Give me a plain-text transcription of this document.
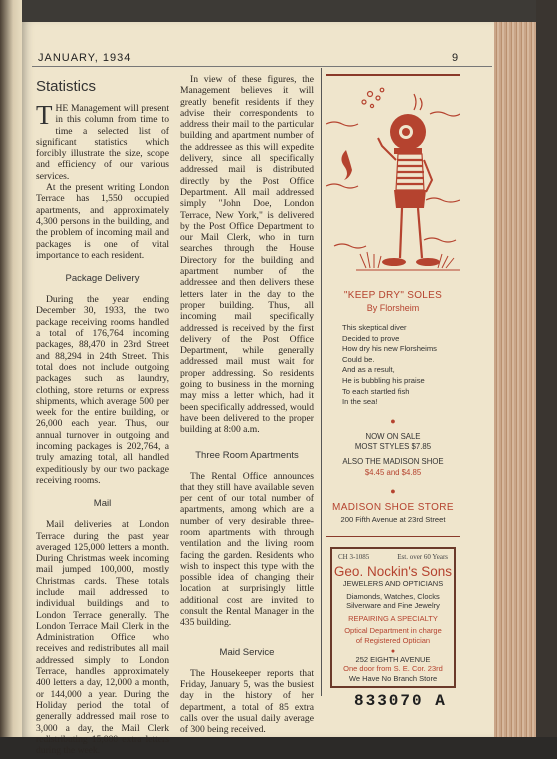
JANUARY, 1934	9
Statistics

THE Management will present in this column from time to time a selected list of significant statistics which forcibly illustrate the size, scope and efficiency of our various services.

At the present writing London Terrace has 1,550 occupied apartments, and approximately 4,300 persons in the building, and the problem of incoming mail and packages is one of vital importance to each resident.

Package Delivery

During the year ending December 30, 1933, the two package receiving rooms handled a total of 176,764 incoming packages, 88,470 in 23rd Street and 88,294 in 24th Street. This total does not include outgoing packages such as laundry, clothing, store returns or express shipments, which average 500 per week for the entire building, or 26,000 each year. Thus, our annual turnover in outgoing and incoming packages is 202,764, a truly amazing total, all handled expeditiously by our two package receiving rooms.

Mail

Mail deliveries at London Terrace during the past year averaged 125,000 letters a month. During Christmas week incoming mail jumped 100,000, mostly Christmas cards. These totals include mail addressed to individual buildings and to London Terrace generally. The London Terrace Mail Clerk in the Administration Office who receives and redistributes all mail addressed simply to London Terrace, handles approximately 400 letters a day, 12,000 a month, or 144,000 a year. During the Holiday period the total of generally addressed mail rose to 3,000 a day, the Mail Clerk redistributing 15,000 extra letters during the week.

In view of these figures, the Management believes it will greatly benefit residents if they advise their correspondents to address their mail to the particular building and apartment number of the addressee as this will expedite delivery, since all specifically addressed mail is distributed directly by the Post Office Department. All mail addressed simply "John Doe, London Terrace, New York," is delivered by the Post Office Department to our Mail Clerk, who in turn searches through the House Directory for the building and apartment number of the addressee and then delivers these letters later in the day to the proper building. Thus, all incoming mail specifically addressed is received by the first delivery of the Post Office Department, while generally addressed mail must wait for proper addressing. So residents going to business in the morning may miss a letter which, had it been specifically addressed, would have been delivered to the proper building at 8:00 a.m.

Three Room Apartments

The Rental Office announces that they still have available seven per cent of our total number of apartments, among which are a number of very desirable three-room apartments with through ventilation and the living room facing the garden. Residents who wish to inspect this type with the possible idea of changing their location at surprisingly little additional cost are invited to consult the Rental Manager in the 435 building.

Maid Service

The Housekeeper reports that Friday, January 5, was the busiest day in the history of her department, a total of 85 extra calls over the usual daily average of 300 being received.

"KEEP DRY" SOLES
By Florsheim
This skeptical diver
Decided to prove
How dry his new Florsheims
Could be.
And as a result,
He is bubbling his praise
To each startled fish
In the sea!
●
NOW ON SALE
MOST STYLES $7.85
ALSO THE MADISON SHOE
$4.45 and $4.85
●
MADISON SHOE STORE
200 Fifth Avenue at 23rd Street
CH 3-1085	Est. over 60 Years
Geo. Nockin's Sons
JEWELERS AND OPTICIANS
Diamonds, Watches, Clocks
Silverware and Fine Jewelry
REPAIRING A SPECIALTY
Optical Department in charge
of Registered Optician
●
252 EIGHTH AVENUE
One door from S. E. Cor. 23rd
We Have No Branch Store
833070 A
